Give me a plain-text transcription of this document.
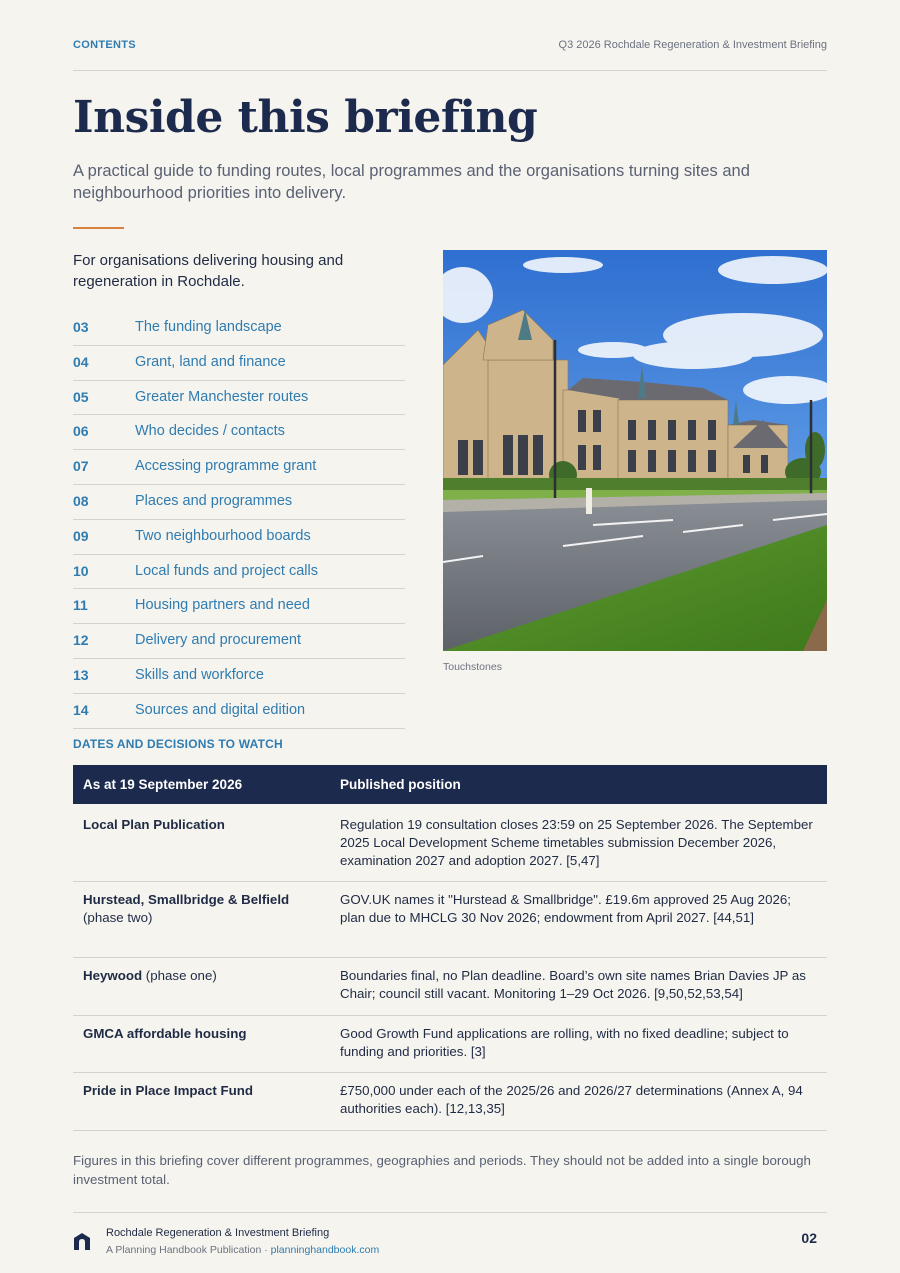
CONTENTS	Q3 2026 Rochdale Regeneration & Investment Briefing
Inside this briefing

A practical guide to funding routes, local programmes and the organisations turning sites and neighbourhood priorities into delivery.

For organisations delivering housing and regeneration in Rochdale.

03	The funding landscape
04	Grant, land and finance
05	Greater Manchester routes
06	Who decides / contacts
07	Accessing programme grant
08	Places and programmes
09	Two neighbourhood boards
10	Local funds and project calls
11	Housing partners and need
12	Delivery and procurement
13	Skills and workforce
14	Sources and digital edition
Touchstones
DATES AND DECISIONS TO WATCH
As at 19 September 2026	Published position
Local Plan Publication	Regulation 19 consultation closes 23:59 on 25 September 2026. The September 2025 Local Development Scheme timetables submission December 2026, examination 2027 and adoption 2027. [5,47]
Hurstead, Smallbridge & Belfield
(phase two)	GOV.UK names it "Hurstead & Smallbridge". £19.6m approved 25 Aug 2026; plan due to MHCLG 30 Nov 2026; endowment from April 2027. [44,51]
Heywood (phase one)	Boundaries final, no Plan deadline. Board’s own site names Brian Davies JP as Chair; council still vacant. Monitoring 1–29 Oct 2026. [9,50,52,53,54]
GMCA affordable housing	Good Growth Fund applications are rolling, with no fixed deadline; subject to funding and priorities. [3]
Pride in Place Impact Fund	£750,000 under each of the 2025/26 and 2026/27 determinations (Annex A, 94 authorities each). [12,13,35]

Figures in this briefing cover different programmes, geographies and periods. They should not be added into a single borough investment total.

Rochdale Regeneration & Investment Briefing
A Planning Handbook Publication · planninghandbook.com
02
